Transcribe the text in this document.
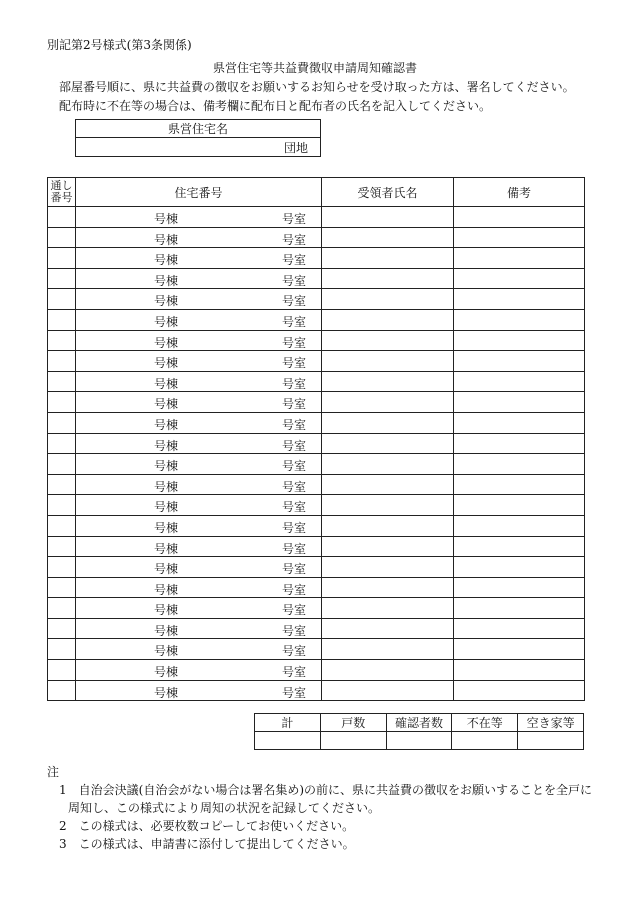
別記第2号様式(第3条関係)
県営住宅等共益費徴収申請周知確認書
部屋番号順に、県に共益費の徴収をお願いするお知らせを受け取った方は、署名してください。
配布時に不在等の場合は、備考欄に配布日と配布者の氏名を記入してください。
県営住宅名
団地
通し番号	住宅番号	受領者氏名	備考

	号棟 号室		

	号棟 号室		

	号棟 号室		

	号棟 号室		

	号棟 号室		

	号棟 号室		

	号棟 号室		

	号棟 号室		

	号棟 号室		

	号棟 号室		

	号棟 号室		

	号棟 号室		

	号棟 号室		

	号棟 号室		

	号棟 号室		

	号棟 号室		

	号棟 号室		

	号棟 号室		

	号棟 号室		

	号棟 号室		

	号棟 号室		

	号棟 号室		

	号棟 号室		

	号棟 号室		

計	戸数	確認者数	不在等	空き家等

注
1　自治会決議(自治会がない場合は署名集め)の前に、県に共益費の徴収をお願いすることを全戸に
周知し、この様式により周知の状況を記録してください。
2　この様式は、必要枚数コピーしてお使いください。
3　この様式は、申請書に添付して提出してください。
